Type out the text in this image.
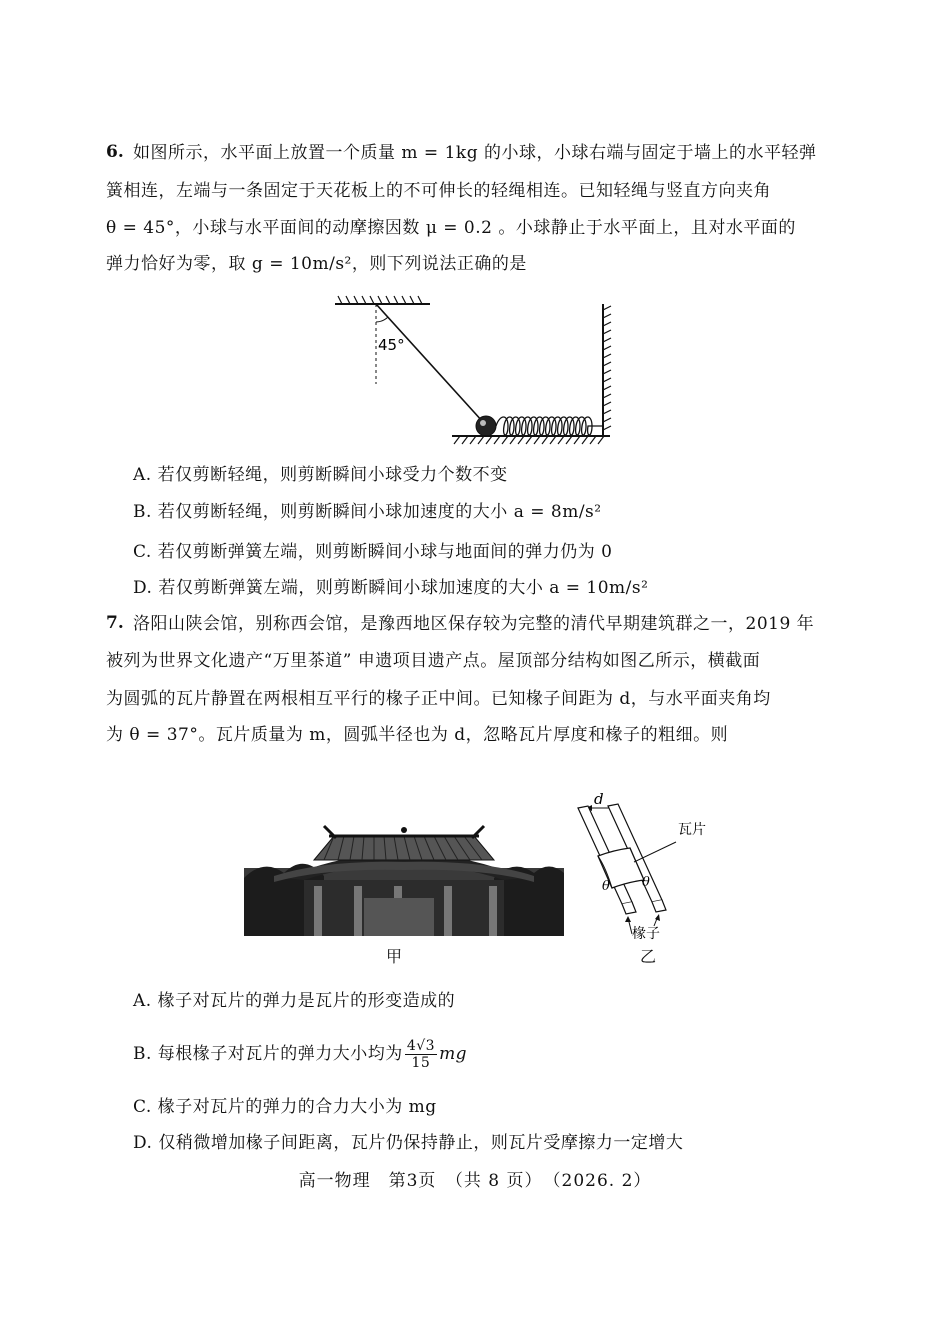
6. 如图所示，水平面上放置一个质量 m = 1kg 的小球，小球右端与固定于墙上的水平轻弹
簧相连，左端与一条固定于天花板上的不可伸长的轻绳相连。已知轻绳与竖直方向夹角
θ = 45°，小球与水平面间的动摩擦因数 μ = 0.2 。小球静止于水平面上，且对水平面的
弹力恰好为零，取 g = 10m/s²，则下列说法正确的是
45°
A. 若仅剪断轻绳，则剪断瞬间小球受力个数不变
B. 若仅剪断轻绳，则剪断瞬间小球加速度的大小 a = 8m/s²
C. 若仅剪断弹簧左端，则剪断瞬间小球与地面间的弹力仍为 0
D. 若仅剪断弹簧左端，则剪断瞬间小球加速度的大小 a = 10m/s²
7. 洛阳山陕会馆，别称西会馆，是豫西地区保存较为完整的清代早期建筑群之一，2019 年
被列为世界文化遗产“万里茶道” 申遗项目遗产点。屋顶部分结构如图乙所示，横截面
为圆弧的瓦片静置在两根相互平行的椽子正中间。已知椽子间距为 d，与水平面夹角均
为 θ = 37°。瓦片质量为 m，圆弧半径也为 d，忽略瓦片厚度和椽子的粗细。则
甲
d
瓦片
θ θ
椽子
乙
A. 椽子对瓦片的弹力是瓦片的形变造成的
B. 每根椽子对瓦片的弹力大小均为 $\frac{4√3}{15}$ mg
C. 椽子对瓦片的弹力的合力大小为 mg
D. 仅稍微增加椽子间距离，瓦片仍保持静止，则瓦片受摩擦力一定增大
高一物理　第3页　（共 8 页）　（2026. 2）
